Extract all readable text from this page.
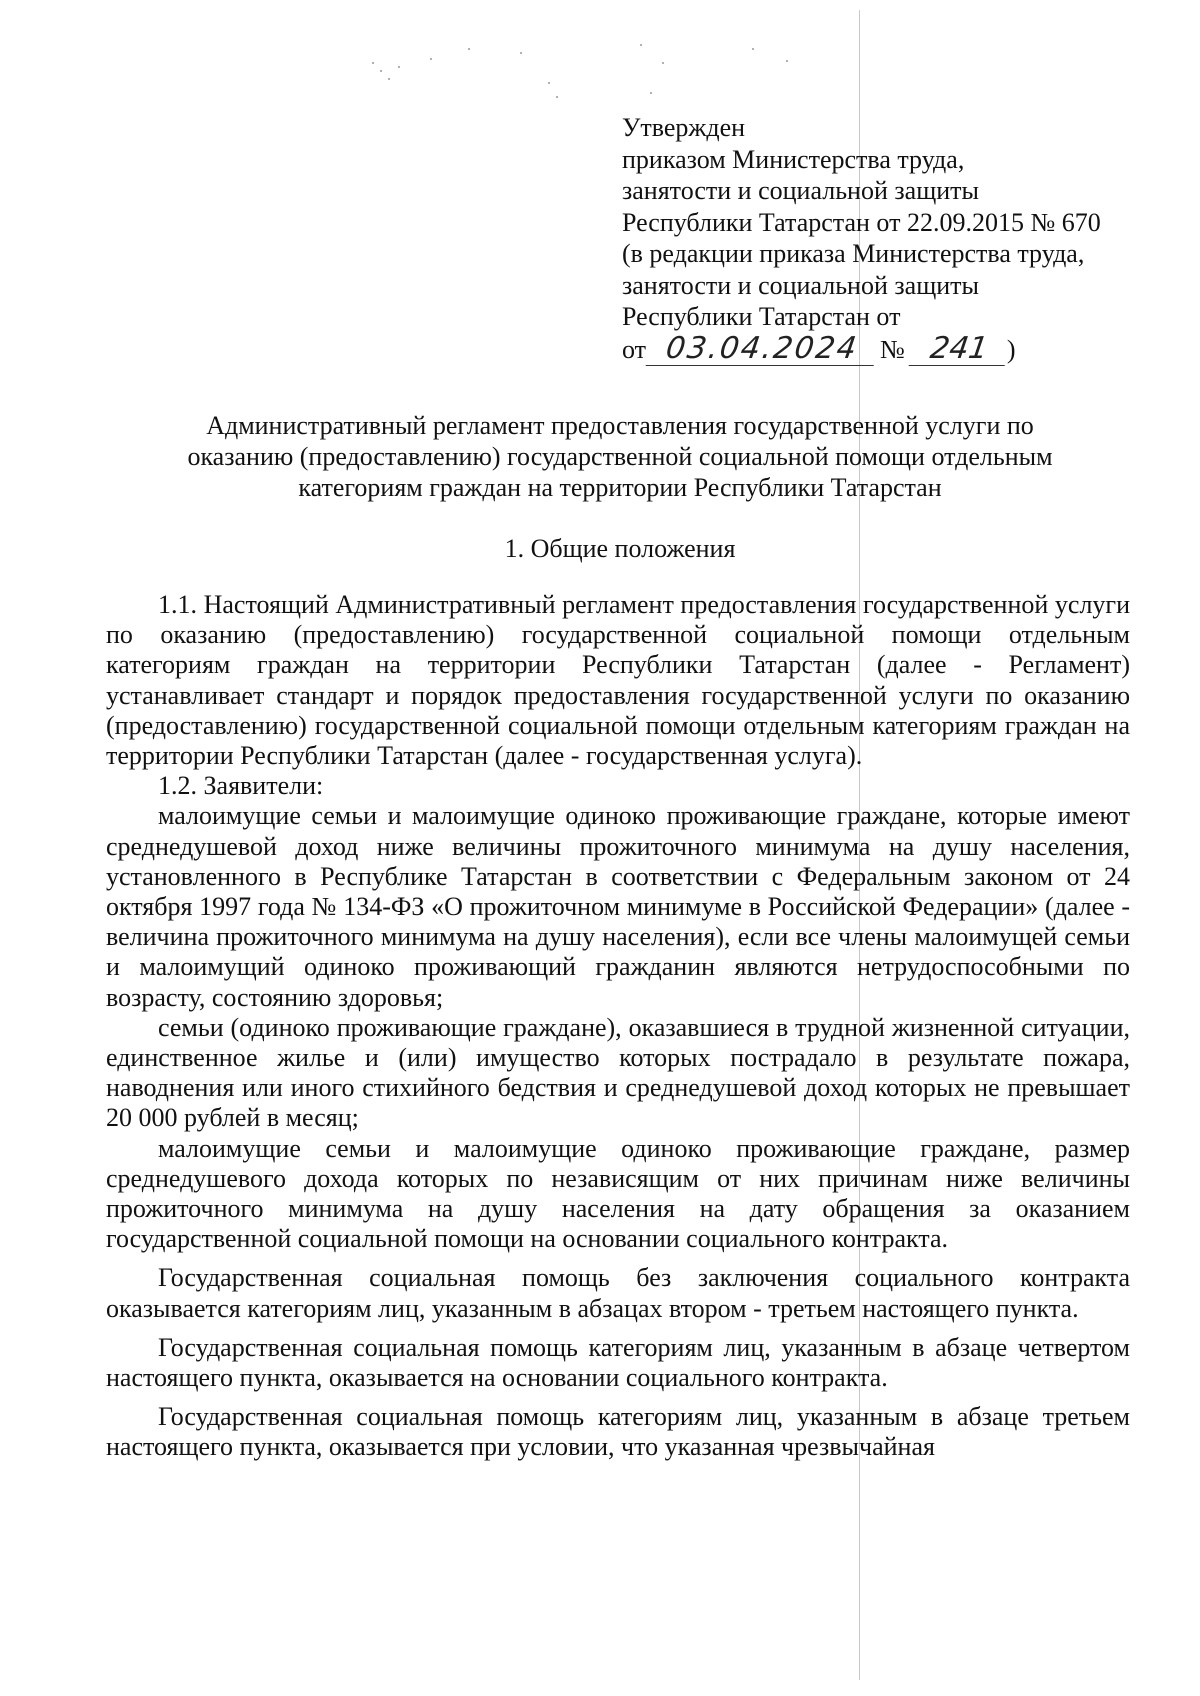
Утвержден
приказом Министерства труда,
занятости и социальной защиты
Республики Татарстан от 22.09.2015 № 670
(в редакции приказа Министерства труда,
занятости и социальной защиты
Республики Татарстан от
от 03.04.2024 № 241 )
Административный регламент предоставления государственной услуги по
оказанию (предоставлению) государственной социальной помощи отдельным
категориям граждан на территории Республики Татарстан
1. Общие положения

1.1. Настоящий Административный регламент предоставления государственной услуги по оказанию (предоставлению) государственной социальной помощи отдельным категориям граждан на территории Республики Татарстан (далее - Регламент) устанавливает стандарт и порядок предоставления государственной услуги по оказанию (предоставлению) государственной социальной помощи отдельным категориям граждан на территории Республики Татарстан (далее - государственная услуга).

1.2. Заявители:

малоимущие семьи и малоимущие одиноко проживающие граждане, которые имеют среднедушевой доход ниже величины прожиточного минимума на душу населения, установленного в Республике Татарстан в соответствии с Федеральным законом от 24 октября 1997 года № 134-ФЗ «О прожиточном минимуме в Российской Федерации» (далее - величина прожиточного минимума на душу населения), если все члены малоимущей семьи и малоимущий одиноко проживающий гражданин являются нетрудоспособными по возрасту, состоянию здоровья;

семьи (одиноко проживающие граждане), оказавшиеся в трудной жизненной ситуации, единственное жилье и (или) имущество которых пострадало в результате пожара, наводнения или иного стихийного бедствия и среднедушевой доход которых не превышает 20 000 рублей в месяц;

малоимущие семьи и малоимущие одиноко проживающие граждане, размер среднедушевого дохода которых по независящим от них причинам ниже величины прожиточного минимума на душу населения на дату обращения за оказанием государственной социальной помощи на основании социального контракта.

Государственная социальная помощь без заключения социального контракта оказывается категориям лиц, указанным в абзацах втором - третьем настоящего пункта.

Государственная социальная помощь категориям лиц, указанным в абзаце четвертом настоящего пункта, оказывается на основании социального контракта.

Государственная социальная помощь категориям лиц, указанным в абзаце третьем настоящего пункта, оказывается при условии, что указанная чрезвычайная
